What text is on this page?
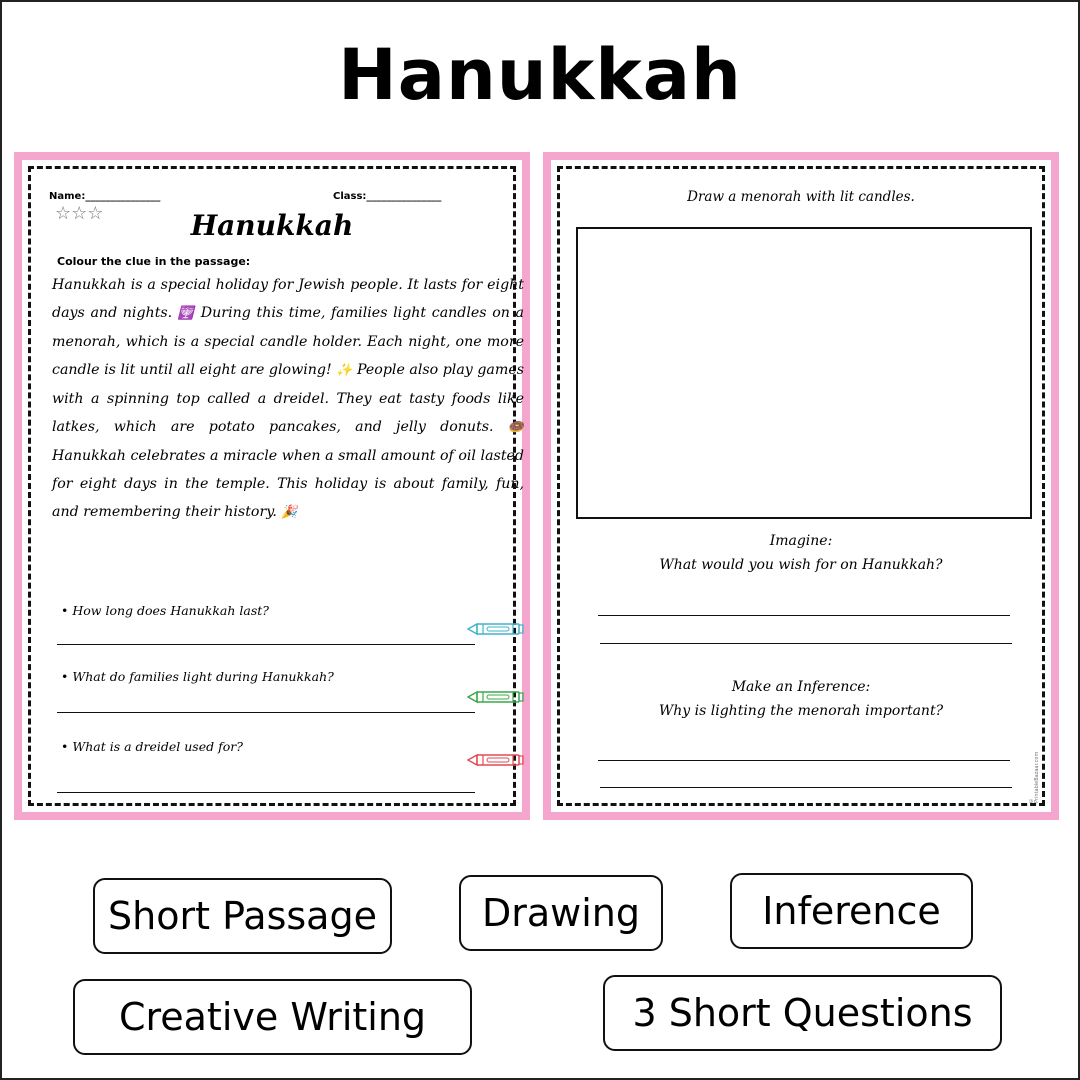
Hanukkah
Name:_______________	Class:_______________
☆☆☆	Hanukkah
Colour the clue in the passage:
Hanukkah is a special holiday for Jewish people. It lasts for eight days and nights. 🕎 During this time, families light candles on a menorah, which is a special candle holder. Each night, one more candle is lit until all eight are glowing! ✨ People also play games with a spinning top called a dreidel. They eat tasty foods like latkes, which are potato pancakes, and jelly donuts. 🍩 Hanukkah celebrates a miracle when a small amount of oil lasted for eight days in the temple. This holiday is about family, fun, and remembering their history. 🎉
• How long does Hanukkah last?
• What do families light during Hanukkah?
• What is a dreidel used for?
Draw a menorah with lit candles.
Imagine:
What would you wish for on Hanukkah?
Make an Inference:
Why is lighting the menorah important?
© PrintableBazaar.com
Short Passage	Drawing	Inference
Creative Writing	3 Short Questions
